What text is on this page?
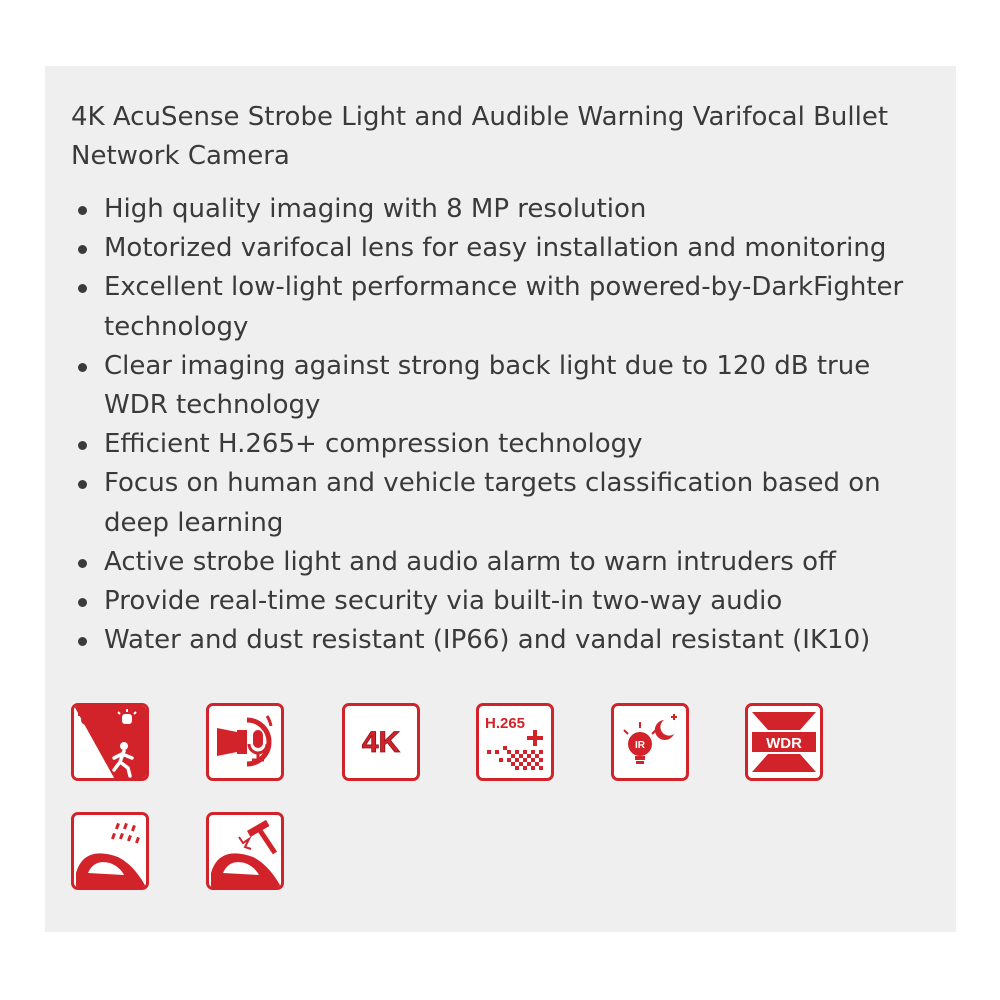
4K AcuSense Strobe Light and Audible Warning Varifocal Bullet Network Camera
High quality imaging with 8 MP resolution
Motorized varifocal lens for easy installation and monitoring
Excellent low-light performance with powered-by-DarkFighter technology
Clear imaging against strong back light due to 120 dB true WDR technology
Efficient H.265+ compression technology
Focus on human and vehicle targets classification based on deep learning
Active strobe light and audio alarm to warn intruders off
Provide real-time security via built-in two-way audio
Water and dust resistant (IP66) and vandal resistant (IK10)
4K
H.265
IR	WDR
